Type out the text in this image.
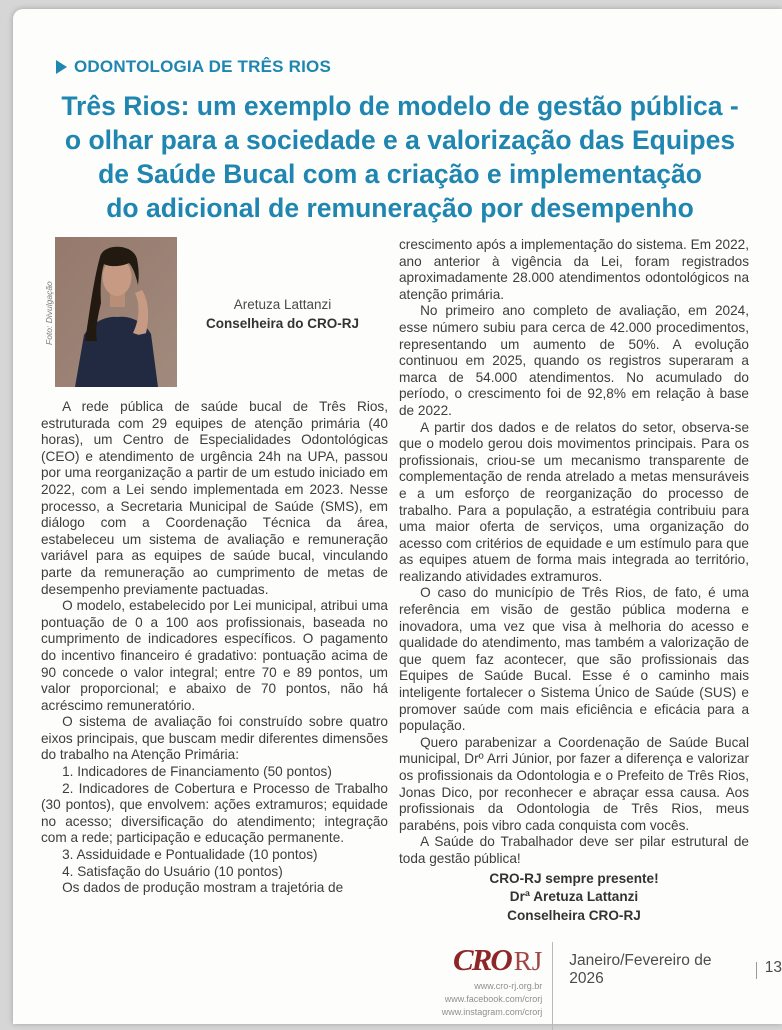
ODONTOLOGIA DE TRÊS RIOS
Três Rios: um exemplo de modelo de gestão pública -
o olhar para a sociedade e a valorização das Equipes
de Saúde Bucal com a criação e implementação
do adicional de remuneração por desempenho
Foto: Divulgação	Aretuza Lattanzi
Conselheira do CRO-RJ

A rede pública de saúde bucal de Três Rios, estruturada com 29 equipes de atenção primária (40 horas), um Centro de Especialidades Odontológicas (CEO) e atendimento de urgência 24h na UPA, passou por uma reorganização a partir de um estudo iniciado em 2022, com a Lei sendo implementada em 2023. Nesse processo, a Secretaria Municipal de Saúde (SMS), em diálogo com a Coordenação Técnica da área, estabeleceu um sistema de avaliação e remuneração variável para as equipes de saúde bucal, vinculando parte da remuneração ao cumprimento de metas de desempenho previamente pactuadas.

O modelo, estabelecido por Lei municipal, atribui uma pontuação de 0 a 100 aos profissionais, baseada no cumprimento de indicadores específicos. O pagamento do incentivo financeiro é gradativo: pontuação acima de 90 concede o valor integral; entre 70 e 89 pontos, um valor proporcional; e abaixo de 70 pontos, não há acréscimo remuneratório.

O sistema de avaliação foi construído sobre quatro eixos principais, que buscam medir diferentes dimensões do trabalho na Atenção Primária:

1. Indicadores de Financiamento (50 pontos)

2. Indicadores de Cobertura e Processo de Trabalho (30 pontos), que envolvem: ações extramuros; equidade no acesso; diversificação do atendimento; integração com a rede; participação e educação permanente.

3. Assiduidade e Pontualidade (10 pontos)

4. Satisfação do Usuário (10 pontos)

Os dados de produção mostram a trajetória de

crescimento após a implementação do sistema. Em 2022, ano anterior à vigência da Lei, foram registrados aproximadamente 28.000 atendimentos odontológicos na atenção primária.

No primeiro ano completo de avaliação, em 2024, esse número subiu para cerca de 42.000 procedimentos, representando um aumento de 50%. A evolução continuou em 2025, quando os registros superaram a marca de 54.000 atendimentos. No acumulado do período, o crescimento foi de 92,8% em relação à base de 2022.

A partir dos dados e de relatos do setor, observa-se que o modelo gerou dois movimentos principais. Para os profissionais, criou-se um mecanismo transparente de complementação de renda atrelado a metas mensuráveis e a um esforço de reorganização do processo de trabalho. Para a população, a estratégia contribuiu para uma maior oferta de serviços, uma organização do acesso com critérios de equidade e um estímulo para que as equipes atuem de forma mais integrada ao território, realizando atividades extramuros.

O caso do município de Três Rios, de fato, é uma referência em visão de gestão pública moderna e inovadora, uma vez que visa à melhoria do acesso e qualidade do atendimento, mas também a valorização de que quem faz acontecer, que são profissionais das Equipes de Saúde Bucal. Esse é o caminho mais inteligente fortalecer o Sistema Único de Saúde (SUS) e promover saúde com mais eficiência e eficácia para a população.

Quero parabenizar a Coordenação de Saúde Bucal municipal, Drº Arri Júnior, por fazer a diferença e valorizar os profissionais da Odontologia e o Prefeito de Três Rios, Jonas Dico, por reconhecer e abraçar essa causa. Aos profissionais da Odontologia de Três Rios, meus parabéns, pois vibro cada conquista com vocês.

A Saúde do Trabalhador deve ser pilar estrutural de toda gestão pública!

CRO-RJ sempre presente!
Drª Aretuza Lattanzi
Conselheira CRO-RJ
CRO RJ
www.cro-rj.org.br
www.facebook.com/crorj
www.instagram.com/crorj
Janeiro/Fevereiro de 2026
13
